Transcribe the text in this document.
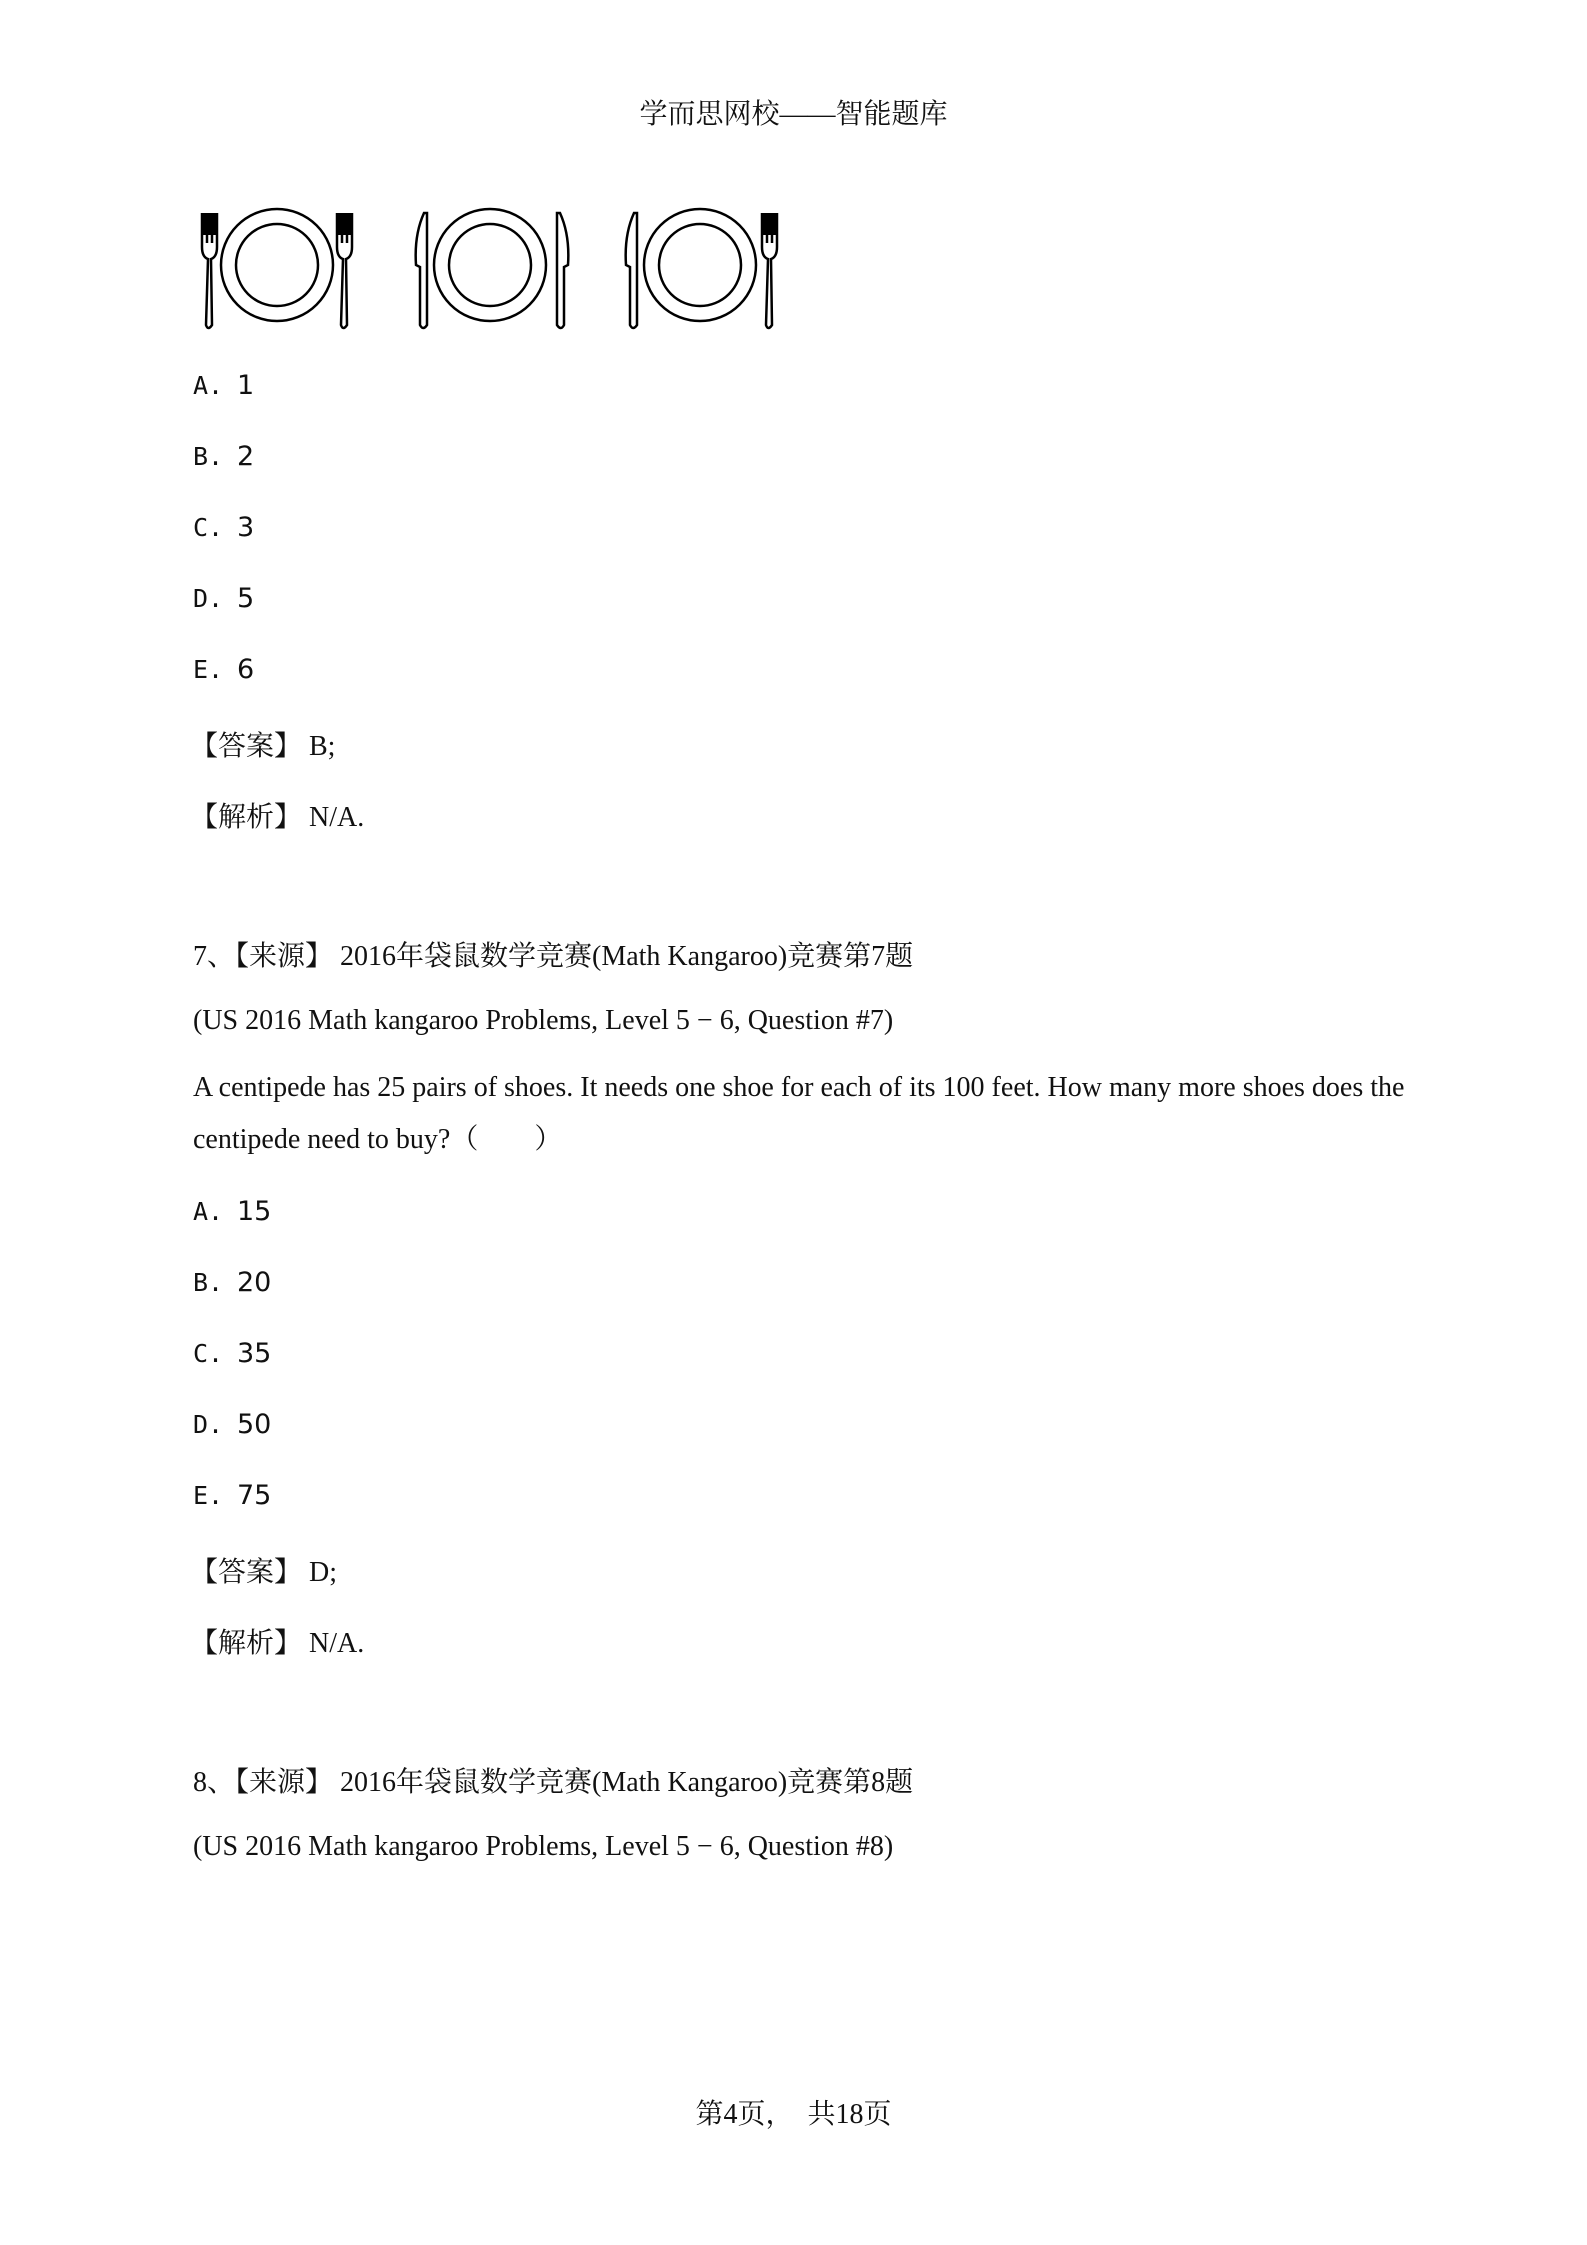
学而思网校——智能题库
A. 1
B. 2
C. 3
D. 5
E. 6
【答案】 B;
【解析】 N/A.
7、【来源】 2016年袋鼠数学竞赛(Math Kangaroo)竞赛第7题
(US 2016 Math kangaroo Problems, Level 5 − 6, Question #7)
A centipede has 25 pairs of shoes. It needs one shoe for each of its 100 feet. How many more shoes does the centipede need to buy?（　　）
A. 15
B. 20
C. 35
D. 50
E. 75
【答案】 D;
【解析】 N/A.
8、【来源】 2016年袋鼠数学竞赛(Math Kangaroo)竞赛第8题
(US 2016 Math kangaroo Problems, Level 5 − 6, Question #8)
第4页，　共18页
